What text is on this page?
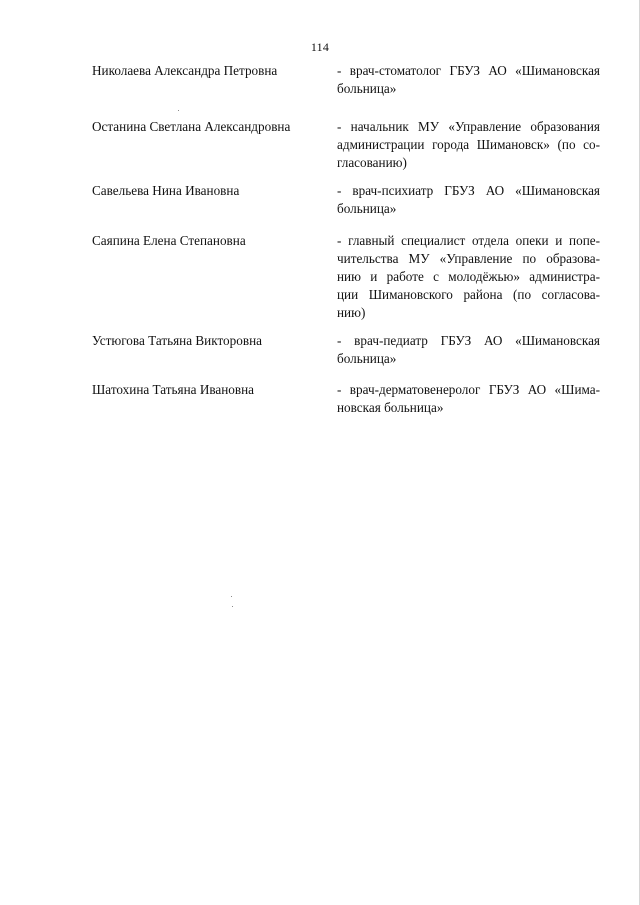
114
Николаева Александра Петровна	- врач-стоматолог ГБУЗ АО «Шимановская
больница»
Останина Светлана Александровна	- начальник МУ «Управление образования
администрации города Шимановск» (по со-
гласованию)
Савельева Нина Ивановна	- врач-психиатр ГБУЗ АО «Шимановская
больница»
Саяпина Елена Степановна	- главный специалист отдела опеки и попе-
чительства МУ «Управление по образова-
нию и работе с молодёжью» администра-
ции Шимановского района (по согласова-
нию)
Устюгова Татьяна Викторовна	- врач-педиатр ГБУЗ АО «Шимановская
больница»
Шатохина Татьяна Ивановна	- врач-дерматовенеролог ГБУЗ АО «Шима-
новская больница»
